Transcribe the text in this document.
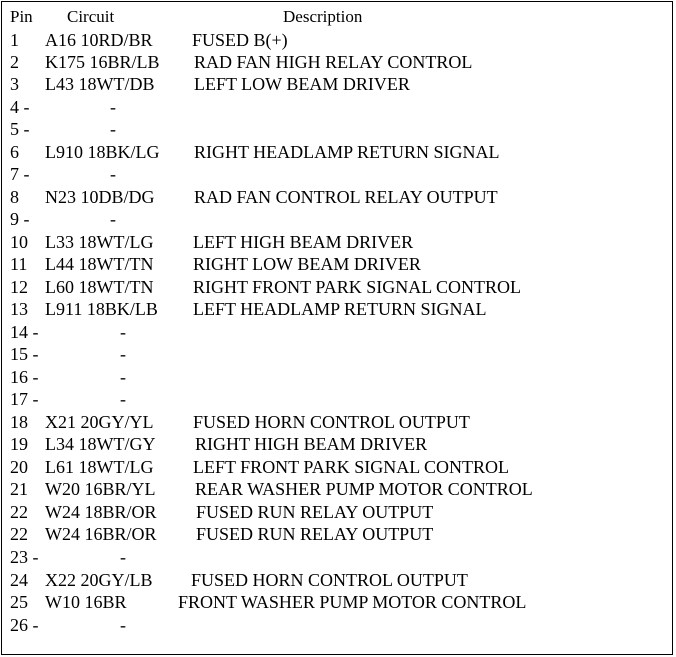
Pin Circuit	Description
1 A16 10RD/BR FUSED B(+)
2 K175 16BR/LB RAD FAN HIGH RELAY CONTROL
3 L43 18WT/DB LEFT LOW BEAM DRIVER
4 -	-
5 -	-
6 L910 18BK/LG RIGHT HEADLAMP RETURN SIGNAL
7 -	-
8 N23 10DB/DG RAD FAN CONTROL RELAY OUTPUT
9 -	-
10 L33 18WT/LG LEFT HIGH BEAM DRIVER
11 L44 18WT/TN RIGHT LOW BEAM DRIVER
12 L60 18WT/TN RIGHT FRONT PARK SIGNAL CONTROL
13 L911 18BK/LB LEFT HEADLAMP RETURN SIGNAL
14 -	-
15 -	-
16 -	-
17 -	-
18 X21 20GY/YL FUSED HORN CONTROL OUTPUT
19 L34 18WT/GY RIGHT HIGH BEAM DRIVER
20 L61 18WT/LG LEFT FRONT PARK SIGNAL CONTROL
21 W20 16BR/YL REAR WASHER PUMP MOTOR CONTROL
22 W24 18BR/OR FUSED RUN RELAY OUTPUT
22 W24 16BR/OR FUSED RUN RELAY OUTPUT
23 -	-
24 X22 20GY/LB FUSED HORN CONTROL OUTPUT
25 W10 16BR	FRONT WASHER PUMP MOTOR CONTROL
26 -	-
